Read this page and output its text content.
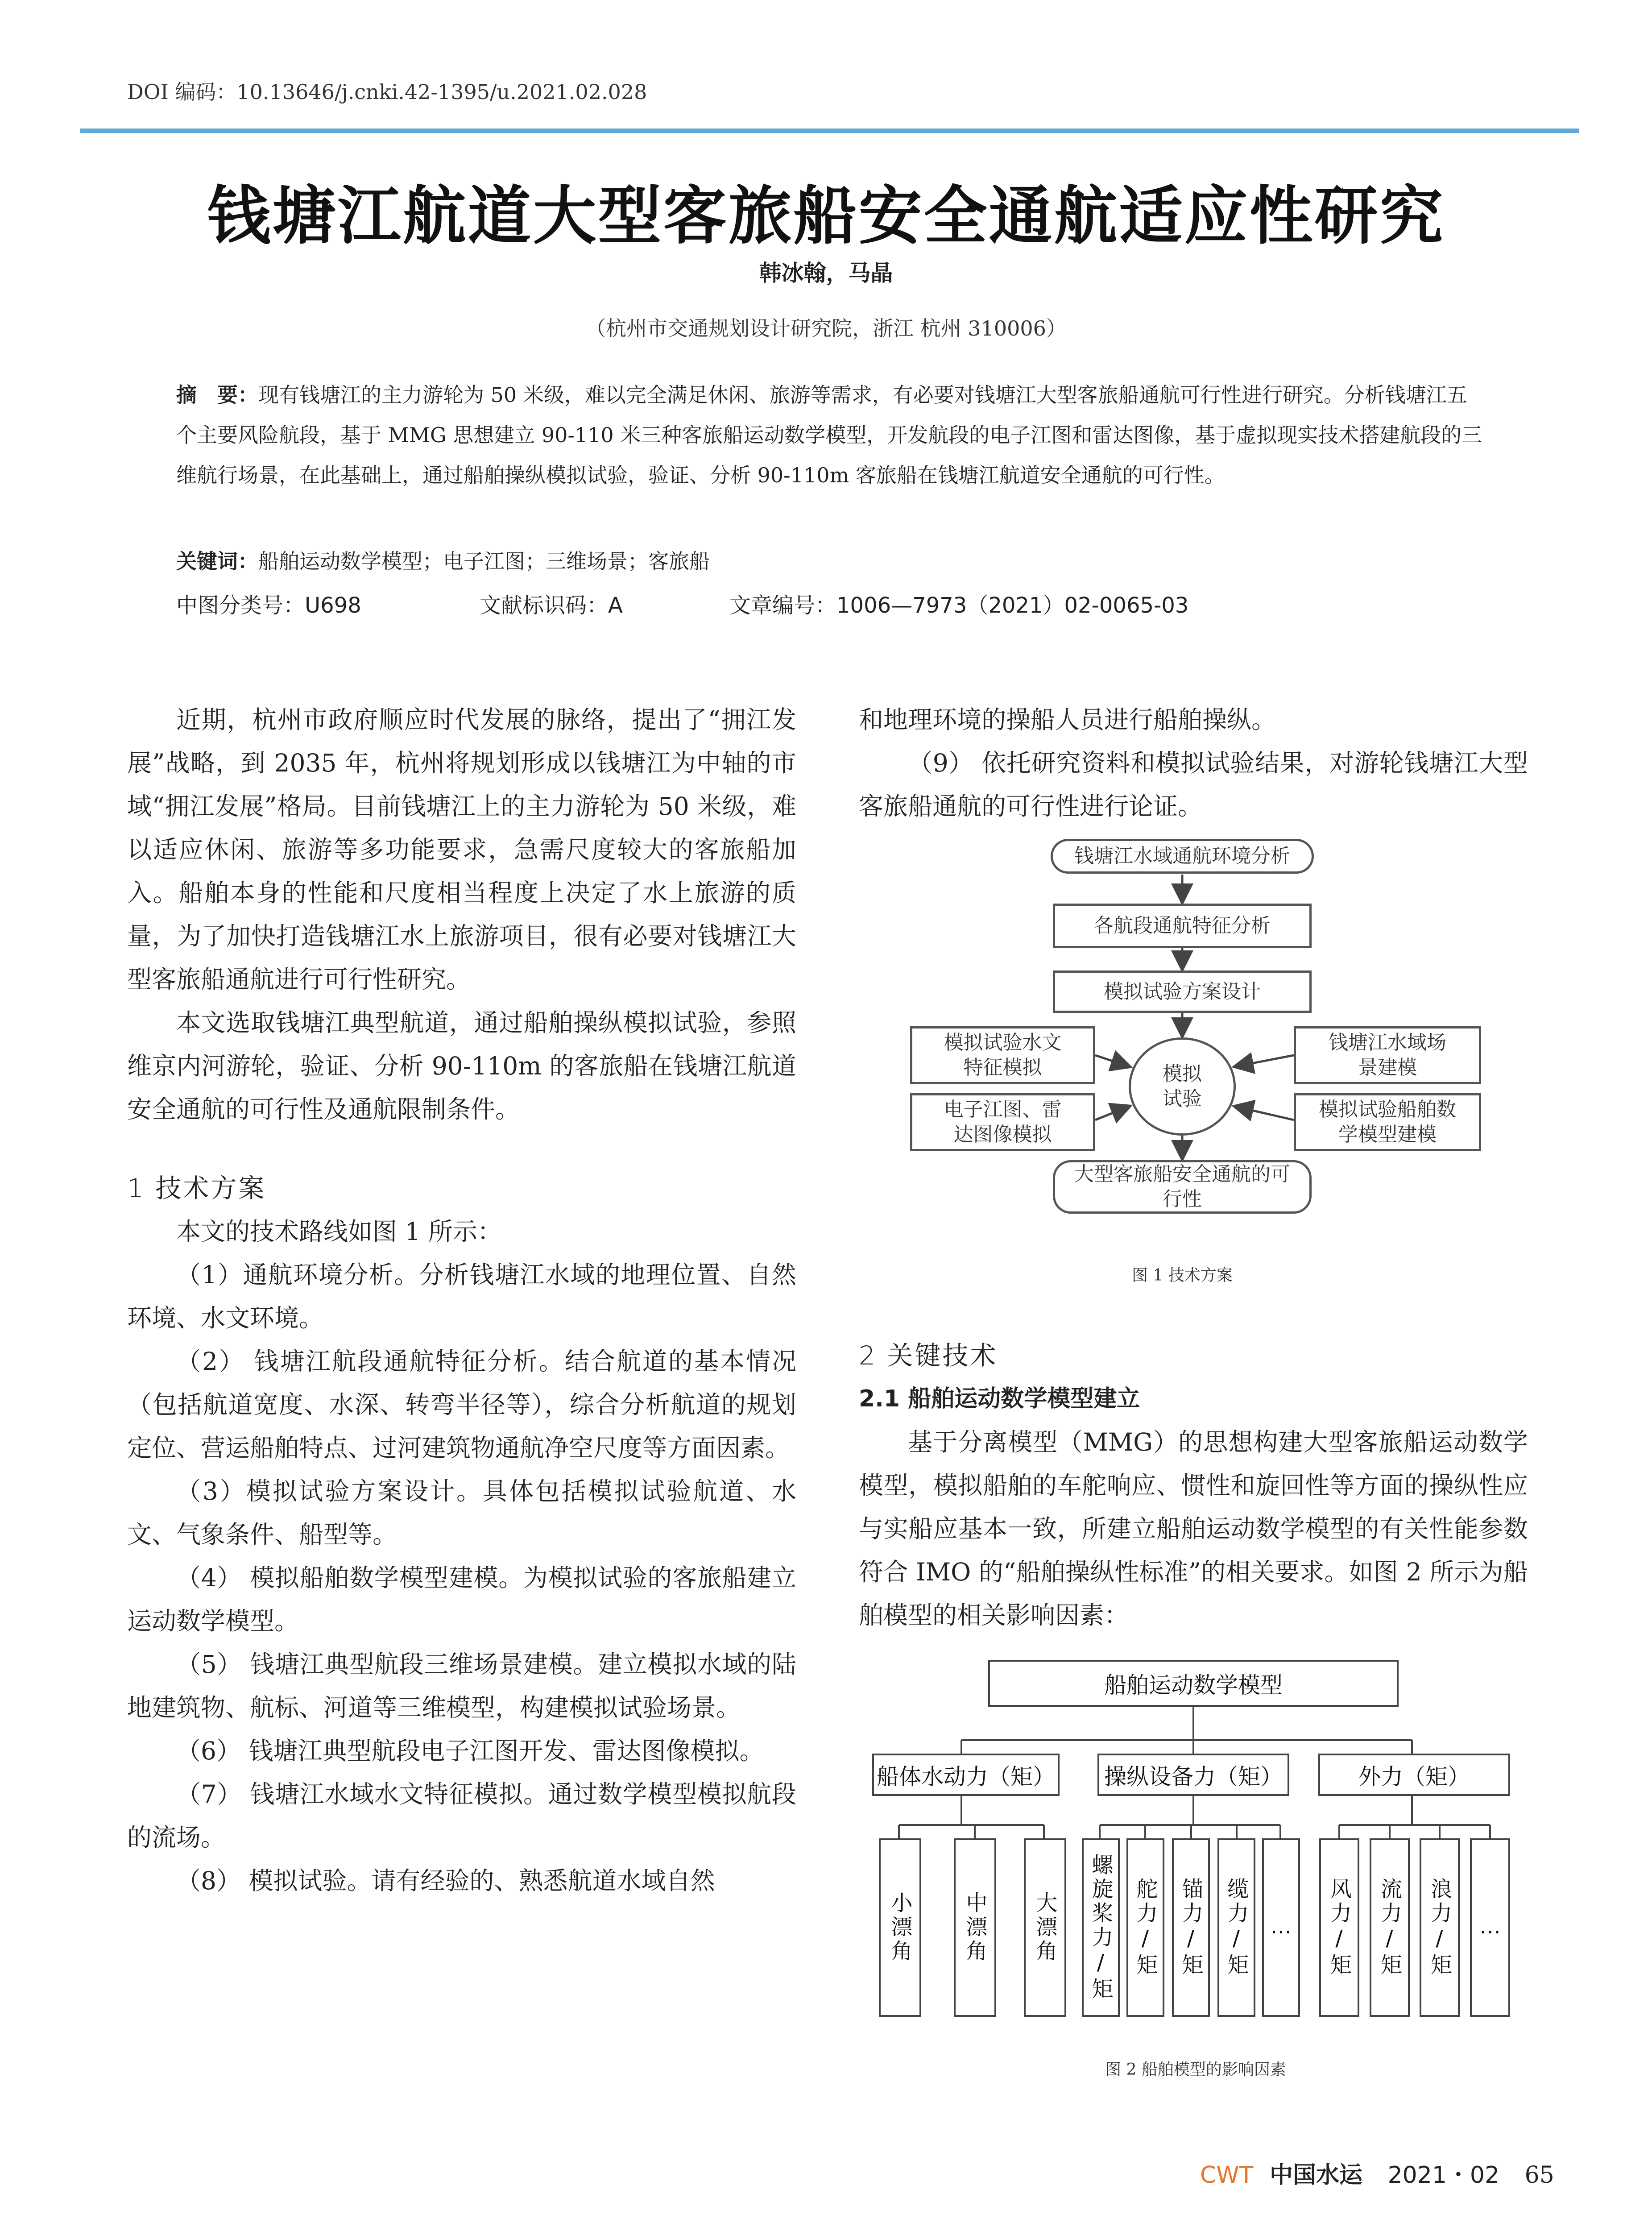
DOI 编码：10.13646/j.cnki.42-1395/u.2021.02.028
钱塘江航道大型客旅船安全通航适应性研究
韩冰翰，马晶
（杭州市交通规划设计研究院，浙江 杭州 310006）
摘　要：现有钱塘江的主力游轮为 50 米级，难以完全满足休闲、旅游等需求，有必要对钱塘江大型客旅船通航可行性进行研究。分析钱塘江五个主要风险航段，基于 MMG 思想建立 90-110 米三种客旅船运动数学模型，开发航段的电子江图和雷达图像，基于虚拟现实技术搭建航段的三维航行场景，在此基础上，通过船舶操纵模拟试验，验证、分析 90-110m 客旅船在钱塘江航道安全通航的可行性。
关键词：船舶运动数学模型；电子江图；三维场景；客旅船

中图分类号：U698

	文献标识码：A

	文章编号：1006—7973（2021）02-0065-03

近期，杭州市政府顺应时代发展的脉络，提出了“拥江发展”战略，到 2035 年，杭州将规划形成以钱塘江为中轴的市域“拥江发展”格局。目前钱塘江上的主力游轮为 50 米级，难以适应休闲、旅游等多功能要求，急需尺度较大的客旅船加入。船舶本身的性能和尺度相当程度上决定了水上旅游的质量，为了加快打造钱塘江水上旅游项目，很有必要对钱塘江大型客旅船通航进行可行性研究。

本文选取钱塘江典型航道，通过船舶操纵模拟试验，参照维京内河游轮，验证、分析 90-110m 的客旅船在钱塘江航道安全通航的可行性及通航限制条件。

1 技术方案

本文的技术路线如图 1 所示：

（1）通航环境分析。分析钱塘江水域的地理位置、自然环境、水文环境。

（2） 钱塘江航段通航特征分析。结合航道的基本情况（包括航道宽度、水深、转弯半径等），综合分析航道的规划定位、营运船舶特点、过河建筑物通航净空尺度等方面因素。

（3）模拟试验方案设计。具体包括模拟试验航道、水文、气象条件、船型等。

（4） 模拟船舶数学模型建模。为模拟试验的客旅船建立运动数学模型。

（5） 钱塘江典型航段三维场景建模。建立模拟水域的陆地建筑物、航标、河道等三维模型，构建模拟试验场景。

（6） 钱塘江典型航段电子江图开发、雷达图像模拟。

（7） 钱塘江水域水文特征模拟。通过数学模型模拟航段的流场。

（8） 模拟试验。请有经验的、熟悉航道水域自然

和地理环境的操船人员进行船舶操纵。

（9） 依托研究资料和模拟试验结果，对游轮钱塘江大型客旅船通航的可行性进行论证。

钱塘江水域通航环境分析
各航段通航特征分析
模拟试验方案设计
模拟试验水文特征模拟
电子江图、雷达图像模拟
模拟试验
钱塘江水域场景建模
模拟试验船舶数学模型建模
大型客旅船安全通航的可行性
图 1 技术方案

2 关键技术

2.1 船舶运动数学模型建立

基于分离模型（MMG）的思想构建大型客旅船运动数学模型，模拟船舶的车舵响应、惯性和旋回性等方面的操纵性应与实船应基本一致，所建立船舶运动数学模型的有关性能参数符合 IMO 的“船舶操纵性标准”的相关要求。如图 2 所示为船舶模型的相关影响因素：

船舶运动数学模型
船体水动力（矩）	操纵设备力（矩）	外力（矩）
小漂角 中漂角 大漂角 螺旋桨力/矩 舵力/矩 锚力/矩 缆力/矩 … 风力/矩 流力/矩 浪力/矩 …
图 2 船舶模型的影响因素
CWT 中国水运 2021・02 65
